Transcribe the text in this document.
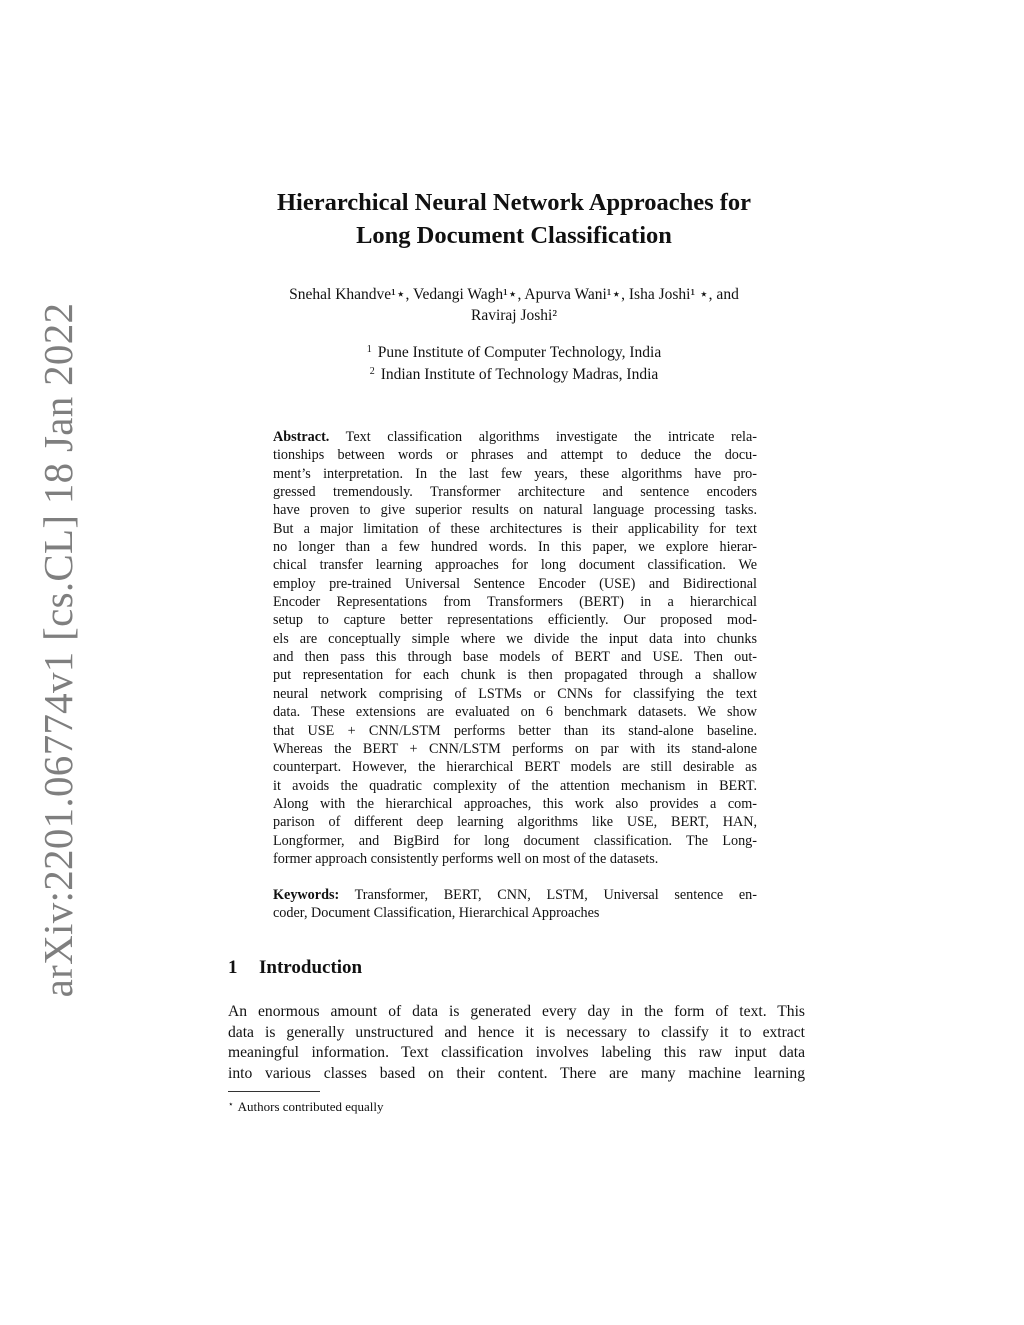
arXiv:2201.06774v1 [cs.CL] 18 Jan 2022
Hierarchical Neural Network Approaches for
Long Document Classification
Snehal Khandve¹⋆, Vedangi Wagh¹⋆, Apurva Wani¹⋆, Isha Joshi¹ ⋆, and
Raviraj Joshi²
$^1$ Pune Institute of Computer Technology, India
$^2$ Indian Institute of Technology Madras, India
Abstract. Text classification algorithms investigate the intricate rela-
tionships between words or phrases and attempt to deduce the docu-
ment’s interpretation. In the last few years, these algorithms have pro-
gressed tremendously. Transformer architecture and sentence encoders
have proven to give superior results on natural language processing tasks.
But a major limitation of these architectures is their applicability for text
no longer than a few hundred words. In this paper, we explore hierar-
chical transfer learning approaches for long document classification. We
employ pre-trained Universal Sentence Encoder (USE) and Bidirectional
Encoder Representations from Transformers (BERT) in a hierarchical
setup to capture better representations efficiently. Our proposed mod-
els are conceptually simple where we divide the input data into chunks
and then pass this through base models of BERT and USE. Then out-
put representation for each chunk is then propagated through a shallow
neural network comprising of LSTMs or CNNs for classifying the text
data. These extensions are evaluated on 6 benchmark datasets. We show
that USE + CNN/LSTM performs better than its stand-alone baseline.
Whereas the BERT + CNN/LSTM performs on par with its stand-alone
counterpart. However, the hierarchical BERT models are still desirable as
it avoids the quadratic complexity of the attention mechanism in BERT.
Along with the hierarchical approaches, this work also provides a com-
parison of different deep learning algorithms like USE, BERT, HAN,
Longformer, and BigBird for long document classification. The Long-
former approach consistently performs well on most of the datasets.
Keywords: Transformer, BERT, CNN, LSTM, Universal sentence en-
coder, Document Classification, Hierarchical Approaches
1 Introduction
An enormous amount of data is generated every day in the form of text. This
data is generally unstructured and hence it is necessary to classify it to extract
meaningful information. Text classification involves labeling this raw input data
into various classes based on their content. There are many machine learning
⋆ Authors contributed equally
